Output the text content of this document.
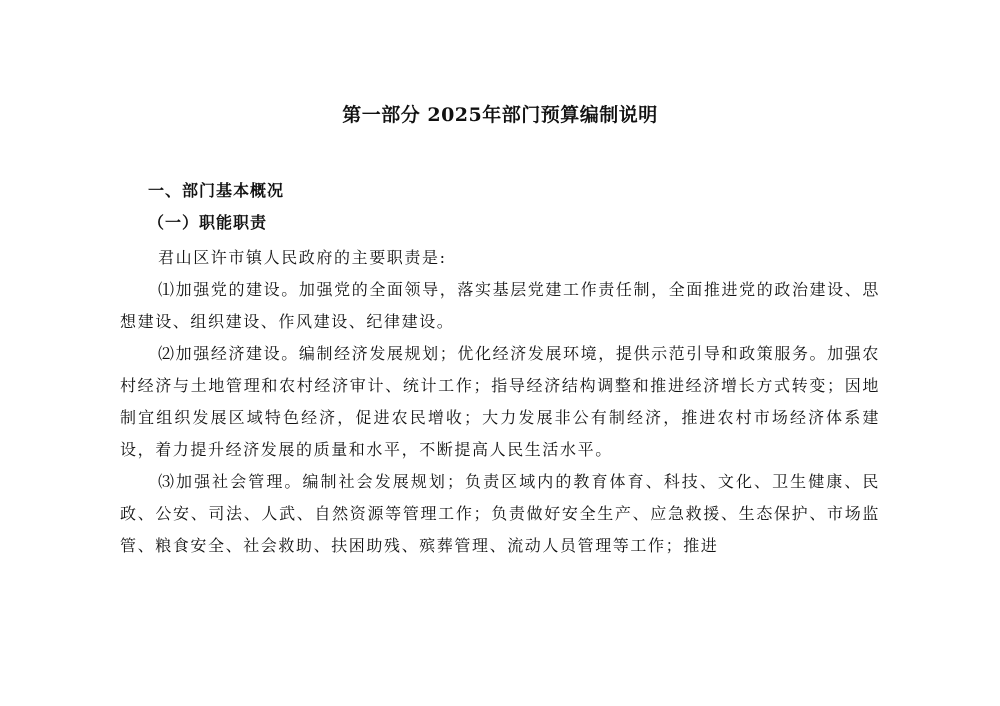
第一部分 2025年部门预算编制说明
一、部门基本概况
（一）职能职责

君山区许市镇人民政府的主要职责是:

⑴加强党的建设。加强党的全面领导，落实基层党建工作责任制，全面推进党的政治建设、思想建设、组织建设、作风建设、纪律建设。

⑵加强经济建设。编制经济发展规划；优化经济发展环境，提供示范引导和政策服务。加强农村经济与土地管理和农村经济审计、统计工作；指导经济结构调整和推进经济增长方式转变；因地制宜组织发展区域特色经济，促进农民增收；大力发展非公有制经济，推进农村市场经济体系建设，着力提升经济发展的质量和水平，不断提高人民生活水平。

⑶加强社会管理。编制社会发展规划；负责区域内的教育体育、科技、文化、卫生健康、民政、公安、司法、人武、自然资源等管理工作；负责做好安全生产、应急救援、生态保护、市场监管、粮食安全、社会救助、扶困助残、殡葬管理、流动人员管理等工作；推进
